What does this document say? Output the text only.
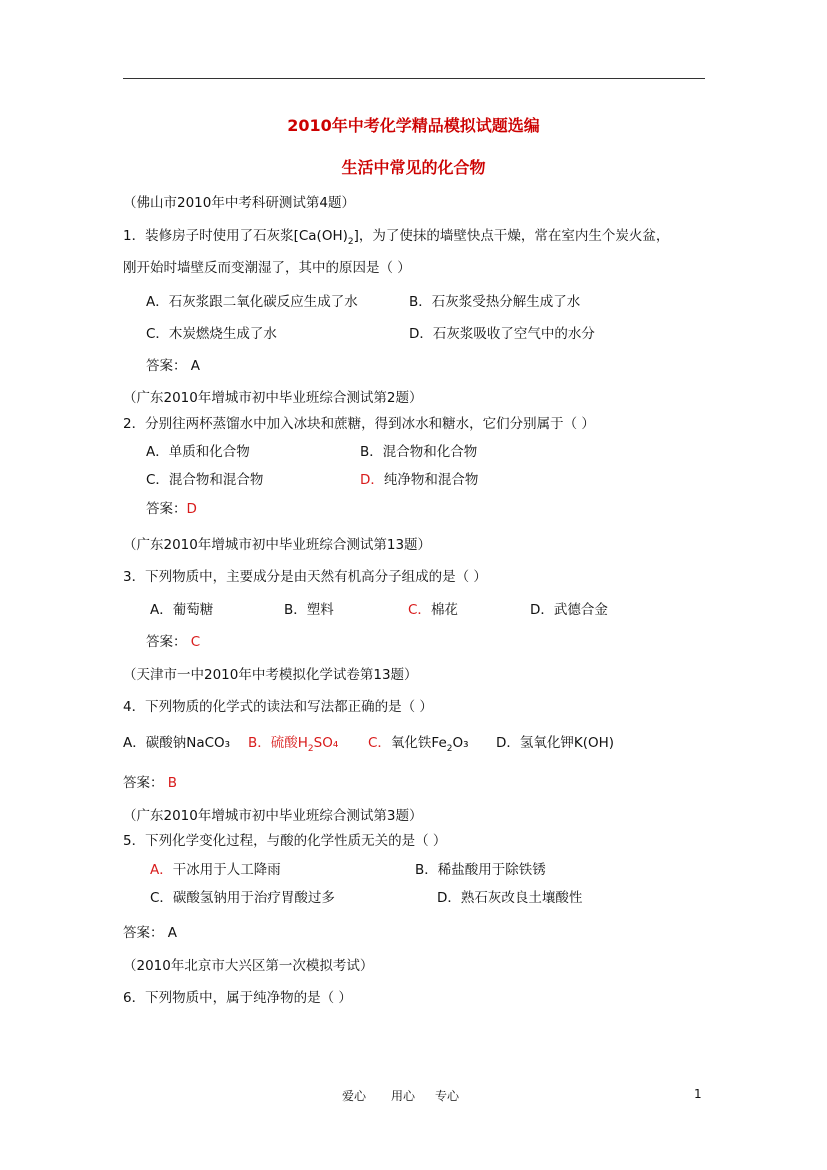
2010年中考化学精品模拟试题选编
生活中常见的化合物
（佛山市2010年中考科研测试第4题）
1．装修房子时使用了石灰浆$[Ca(OH)_2]$，为了使抹的墙壁快点干燥，常在室内生个炭火盆，
刚开始时墙壁反而变潮湿了，其中的原因是（ ）
A．石灰浆跟二氧化碳反应生成了水	B．石灰浆受热分解生成了水
C．木炭燃烧生成了水	D．石灰浆吸收了空气中的水分
答案： A
（广东2010年增城市初中毕业班综合测试第2题）
2．分别往两杯蒸馏水中加入冰块和蔗糖，得到冰水和糖水，它们分别属于（ ）
A．单质和化合物	B．混合物和化合物
C．混合物和混合物	D．纯净物和混合物
答案：D
（广东2010年增城市初中毕业班综合测试第13题）
3．下列物质中，主要成分是由天然有机高分子组成的是（ ）
A．葡萄糖	B．塑料	C．棉花	D．武德合金
答案： C
（天津市一中2010年中考模拟化学试卷第13题）
4．下列物质的化学式的读法和写法都正确的是（ ）
A．碳酸钠NaCO₃ B．硫酸$H_2SO_4$ C．氧化铁$Fe_2O_3$ D．氢氧化钾K(OH)
答案： B
（广东2010年增城市初中毕业班综合测试第3题）
5．下列化学变化过程，与酸的化学性质无关的是（ ）
A．干冰用于人工降雨	B．稀盐酸用于除铁锈
C．碳酸氢钠用于治疗胃酸过多	D．熟石灰改良土壤酸性
答案： A
（2010年北京市大兴区第一次模拟考试）
6．下列物质中，属于纯净物的是（ ）
爱心 用心 专心	1
